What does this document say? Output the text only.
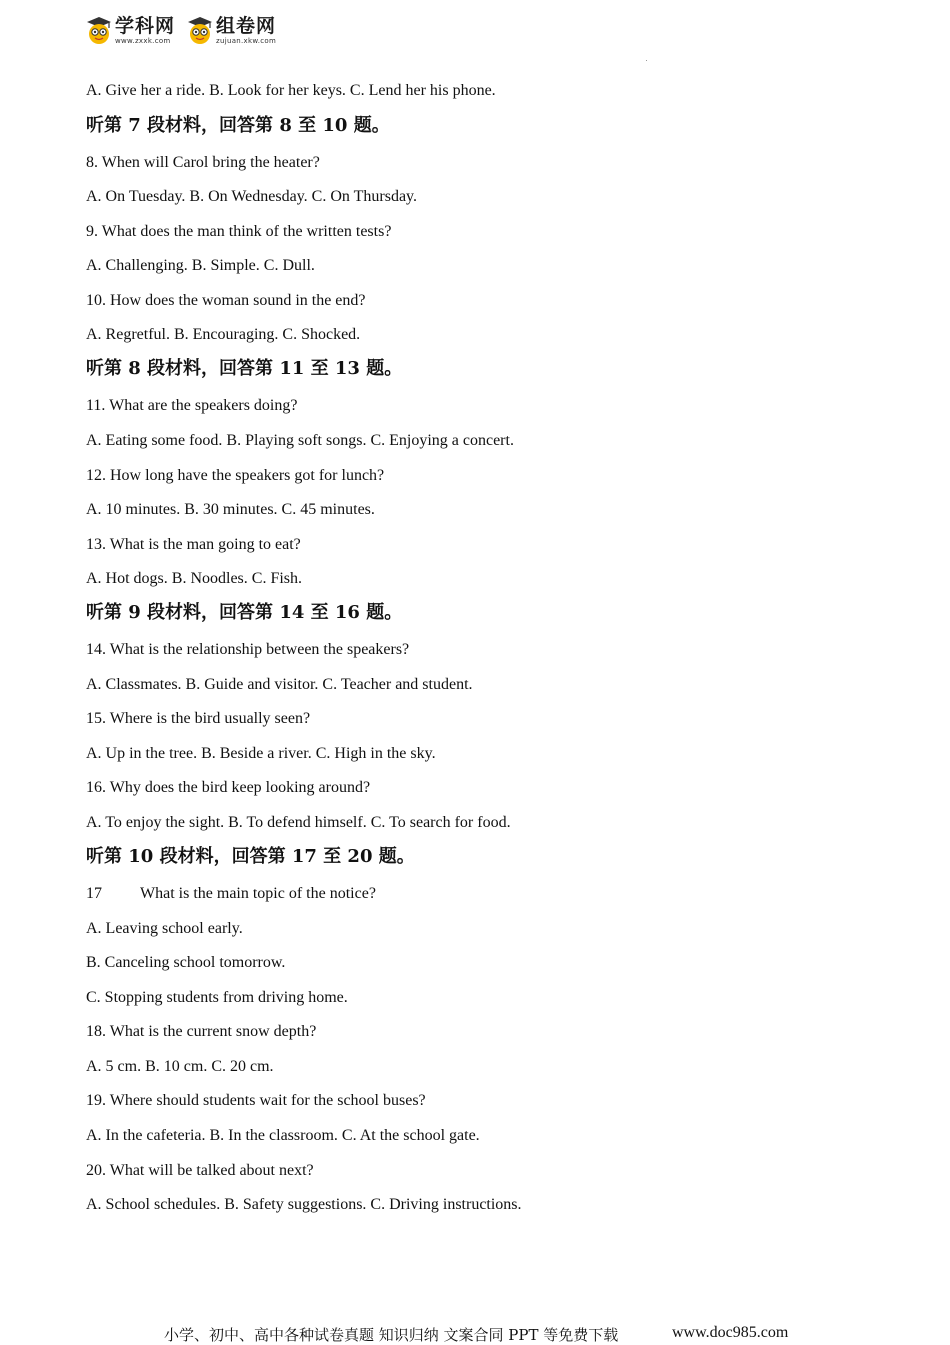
学科网
www.zxxk.com
组卷网
zujuan.xkw.com
A. Give her a ride. B. Look for her keys. C. Lend her his phone.
听第 7 段材料，回答第 8 至 10 题。
8. When will Carol bring the heater?
A. On Tuesday. B. On Wednesday. C. On Thursday.
9. What does the man think of the written tests?
A. Challenging. B. Simple. C. Dull.
10. How does the woman sound in the end?
A. Regretful. B. Encouraging. C. Shocked.
听第 8 段材料，回答第 11 至 13 题。
11. What are the speakers doing?
A. Eating some food. B. Playing soft songs. C. Enjoying a concert.
12. How long have the speakers got for lunch?
A. 10 minutes. B. 30 minutes. C. 45 minutes.
13. What is the man going to eat?
A. Hot dogs. B. Noodles. C. Fish.
听第 9 段材料，回答第 14 至 16 题。
14. What is the relationship between the speakers?
A. Classmates. B. Guide and visitor. C. Teacher and student.
15. Where is the bird usually seen?
A. Up in the tree. B. Beside a river. C. High in the sky.
16. Why does the bird keep looking around?
A. To enjoy the sight. B. To defend himself. C. To search for food.
听第 10 段材料，回答第 17 至 20 题。
17 What is the main topic of the notice?
A. Leaving school early.
B. Canceling school tomorrow.
C. Stopping students from driving home.
18. What is the current snow depth?
A. 5 cm. B. 10 cm. C. 20 cm.
19. Where should students wait for the school buses?
A. In the cafeteria. B. In the classroom. C. At the school gate.
20. What will be talked about next?
A. School schedules. B. Safety suggestions. C. Driving instructions.
小学、初中、高中各种试卷真题 知识归纳 文案合同 PPT 等免费下载	www.doc985.com
